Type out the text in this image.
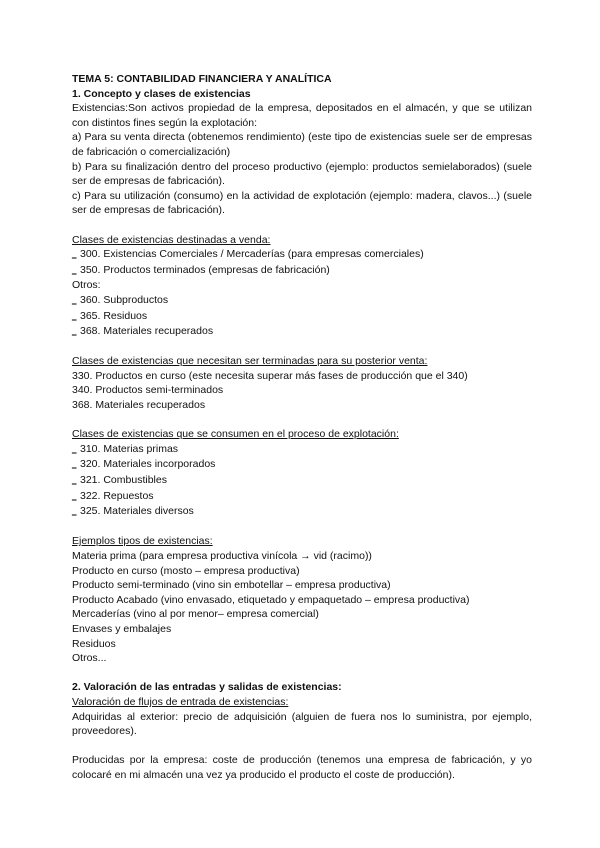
TEMA 5: CONTABILIDAD FINANCIERA Y ANALÍTICA

1. Concepto y clases de existencias

Existencias:Son activos propiedad de la empresa, depositados en el almacén, y que se utilizan con distintos fines según la explotación:

a) Para su venta directa (obtenemos rendimiento) (este tipo de existencias suele ser de empresas de fabricación o comercialización)

b) Para su finalización dentro del proceso productivo (ejemplo: productos semielaborados) (suele ser de empresas de fabricación).

c) Para su utilización (consumo) en la actividad de explotación (ejemplo: madera, clavos...) (suele ser de empresas de fabricación).

Clases de existencias destinadas a venda:

‗ 300. Existencias Comerciales / Mercaderías (para empresas comerciales)
‗ 350. Productos terminados (empresas de fabricación)

Otros:

‗ 360. Subproductos
‗ 365. Residuos
‗ 368. Materiales recuperados

Clases de existencias que necesitan ser terminadas para su posterior venta:

330. Productos en curso (este necesita superar más fases de producción que el 340)

340. Productos semi-terminados

368. Materiales recuperados

Clases de existencias que se consumen en el proceso de explotación:

‗ 310. Materias primas
‗ 320. Materiales incorporados
‗ 321. Combustibles
‗ 322. Repuestos
‗ 325. Materiales diversos

Ejemplos tipos de existencias:

Materia prima (para empresa productiva vinícola → vid (racimo))

Producto en curso (mosto – empresa productiva)

Producto semi-terminado (vino sin embotellar – empresa productiva)

Producto Acabado (vino envasado, etiquetado y empaquetado – empresa productiva)

Mercaderías (vino al por menor– empresa comercial)

Envases y embalajes

Residuos

Otros...

2. Valoración de las entradas y salidas de existencias:

Valoración de flujos de entrada de existencias:

Adquiridas al exterior: precio de adquisición (alguien de fuera nos lo suministra, por ejemplo, proveedores).

Producidas por la empresa: coste de producción (tenemos una empresa de fabricación, y yo colocaré en mi almacén una vez ya producido el producto el coste de producción).
